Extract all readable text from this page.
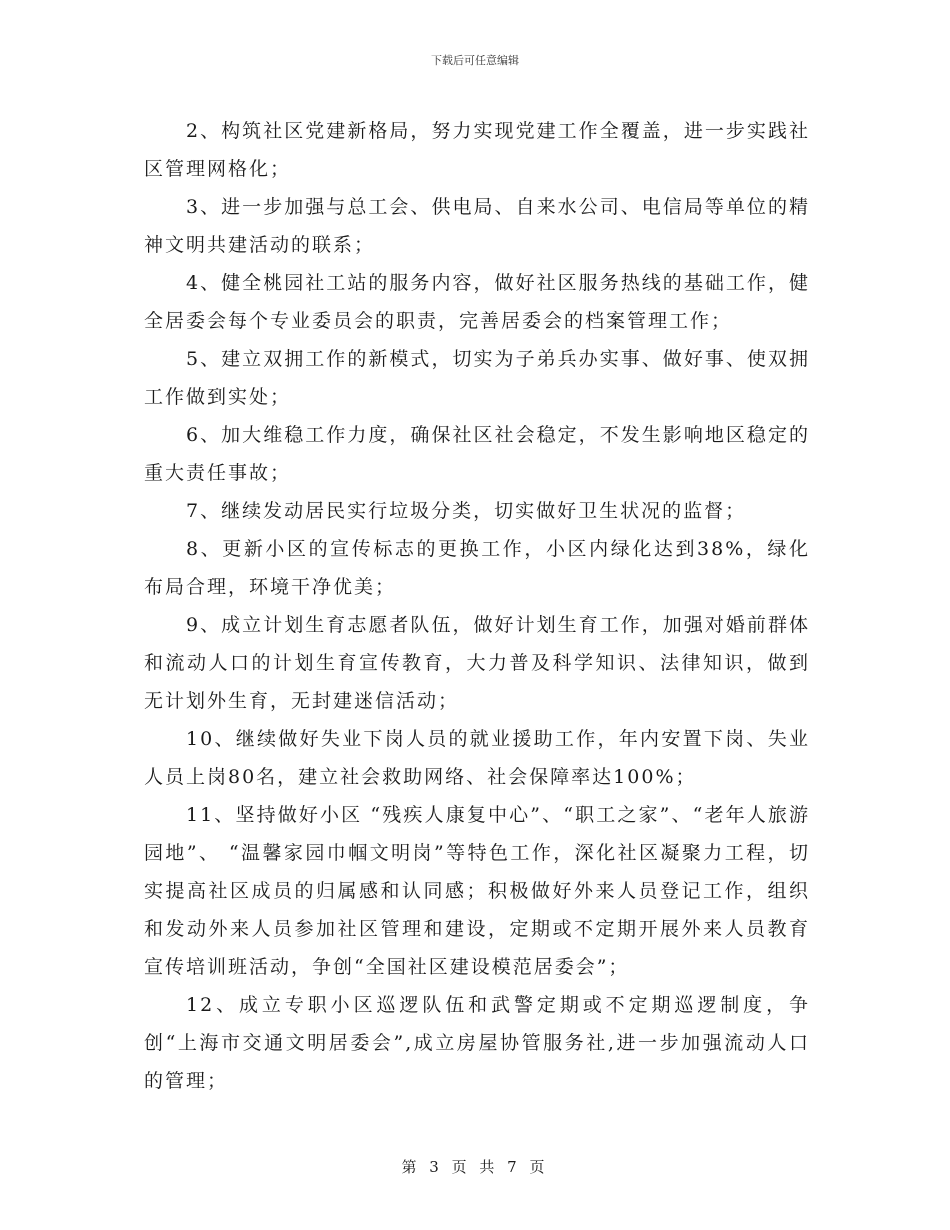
下载后可任意编辑

2、构筑社区党建新格局，努力实现党建工作全覆盖，进一步实践社区管理网格化；

3、进一步加强与总工会、供电局、自来水公司、电信局等单位的精神文明共建活动的联系；

4、健全桃园社工站的服务内容，做好社区服务热线的基础工作，健全居委会每个专业委员会的职责，完善居委会的档案管理工作；

5、建立双拥工作的新模式，切实为子弟兵办实事、做好事、使双拥工作做到实处；

6、加大维稳工作力度，确保社区社会稳定，不发生影响地区稳定的重大责任事故；

7、继续发动居民实行垃圾分类，切实做好卫生状况的监督；

8、更新小区的宣传标志的更换工作，小区内绿化达到38%，绿化布局合理，环境干净优美；

9、成立计划生育志愿者队伍，做好计划生育工作，加强对婚前群体和流动人口的计划生育宣传教育，大力普及科学知识、法律知识，做到无计划外生育，无封建迷信活动；

10、继续做好失业下岗人员的就业援助工作，年内安置下岗、失业人员上岗80名，建立社会救助网络、社会保障率达100%；

11、坚持做好小区 “残疾人康复中心”、“职工之家”、“老年人旅游园地”、 “温馨家园巾帼文明岗”等特色工作，深化社区凝聚力工程，切实提高社区成员的归属感和认同感；积极做好外来人员登记工作，组织和发动外来人员参加社区管理和建设，定期或不定期开展外来人员教育宣传培训班活动，争创“全国社区建设模范居委会”；

12、成立专职小区巡逻队伍和武警定期或不定期巡逻制度，争创“上海市交通文明居委会”,成立房屋协管服务社,进一步加强流动人口的管理；

第 3 页 共 7 页
